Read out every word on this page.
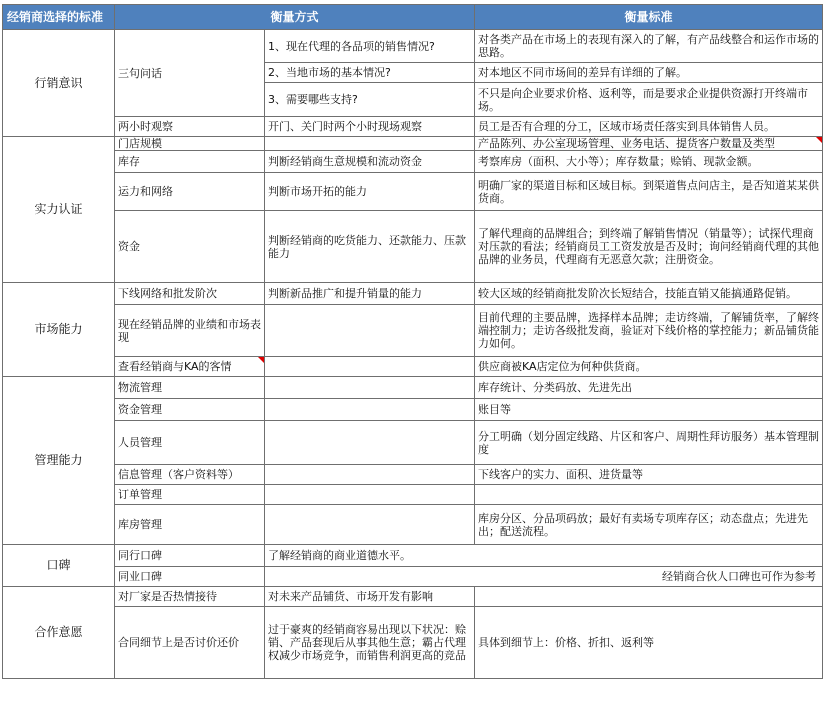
经销商选择的标准	衡量方式		衡量标准
行销意识	三句问话	1、现在代理的各品项的销售情况?	对各类产品在市场上的表现有深入的了解，有产品线整合和运作市场的思路。
		2、当地市场的基本情况?	对本地区不同市场间的差异有详细的了解。
		3、需要哪些支持?	不只是向企业要求价格、返利等，而是要求企业提供资源打开终端市场。
	两小时观察	开门、关门时两个小时现场观察	员工是否有合理的分工，区域市场责任落实到具体销售人员。
实力认证	门店规模		产品陈列、办公室现场管理、业务电话、提货客户数量及类型
	库存	判断经销商生意规模和流动资金	考察库房（面积、大小等）；库存数量；赊销、现款金额。
	运力和网络	判断市场开拓的能力	明确厂家的渠道目标和区域目标。到渠道售点问店主，是否知道某某供货商。
	资金	判断经销商的吃货能力、还款能力、压款能力	了解代理商的品牌组合；到终端了解销售情况（销量等）；试探代理商对压款的看法；经销商员工工资发放是否及时；询问经销商代理的其他品牌的业务员，代理商有无恶意欠款；注册资金。
市场能力	下线网络和批发阶次	判断新品推广和提升销量的能力	较大区域的经销商批发阶次长短结合，技能直销又能搞通路促销。
	现在经销品牌的业绩和市场表现		目前代理的主要品牌，选择样本品牌；走访终端，了解铺货率，了解终端控制力；走访各级批发商，验证对下线价格的掌控能力；新品铺货能力如何。
	查看经销商与KA的客情		供应商被KA店定位为何种供货商。
管理能力	物流管理		库存统计、分类码放、先进先出
	资金管理		账目等
	人员管理		分工明确（划分固定线路、片区和客户、周期性拜访服务）基本管理制度
	信息管理（客户资料等）		下线客户的实力、面积、进货量等
	订单管理		
	库房管理		库房分区、分品项码放；最好有卖场专项库存区；动态盘点；先进先出；配送流程。
口碑	同行口碑	了解经销商的商业道德水平。	
	同业口碑	经销商合伙人口碑也可作为参考	
合作意愿	对厂家是否热情接待	对未来产品铺货、市场开发有影响	
	合同细节上是否讨价还价	过于豪爽的经销商容易出现以下状况：赊销、产品套现后从事其他生意；霸占代理权减少市场竞争，而销售利润更高的竞品	具体到细节上：价格、折扣、返利等
